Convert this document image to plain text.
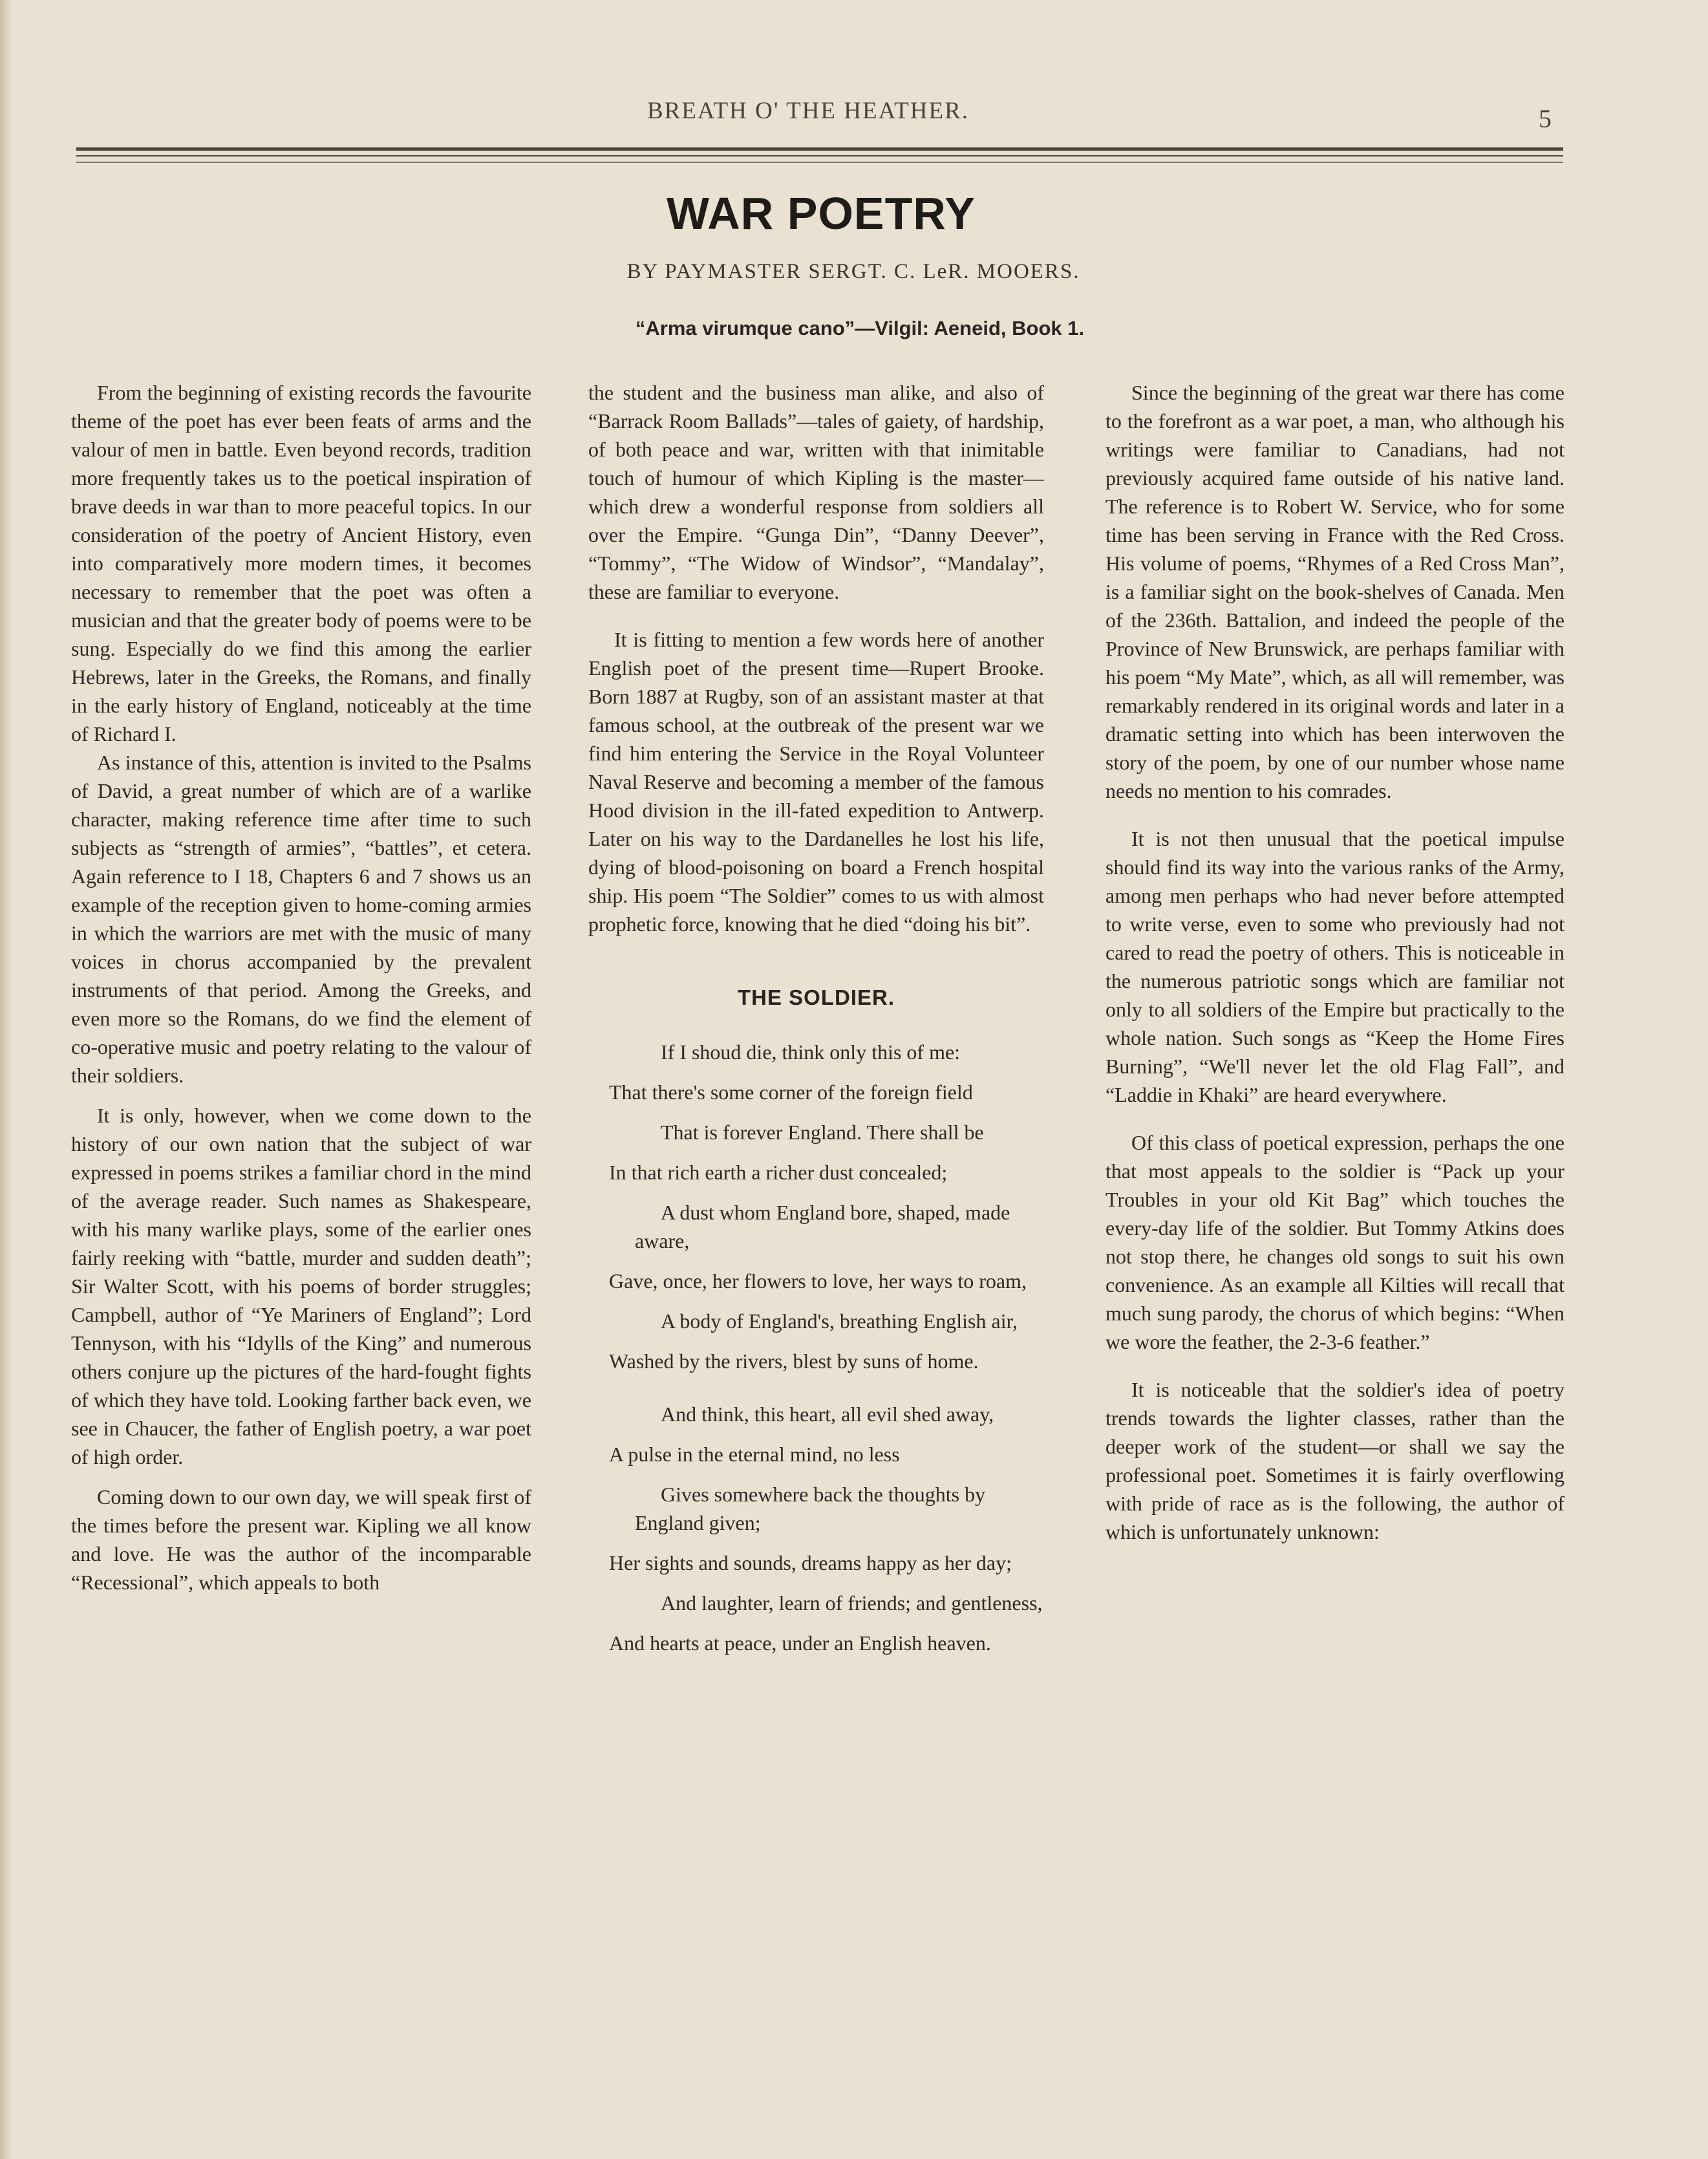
BREATH O' THE HEATHER.	5
WAR POETRY
BY PAYMASTER SERGT. C. LeR. MOOERS.
“Arma virumque cano”—Vilgil: Aeneid, Book 1.

From the beginning of existing records the favourite theme of the poet has ever been feats of arms and the valour of men in battle. Even beyond records, tradition more frequently takes us to the poetical inspiration of brave deeds in war than to more peaceful topics. In our consideration of the poetry of Ancient History, even into comparatively more modern times, it becomes necessary to remember that the poet was often a musician and that the greater body of poems were to be sung. Especially do we find this among the earlier Hebrews, later in the Greeks, the Romans, and finally in the early history of England, noticeably at the time of Richard I.

As instance of this, attention is invited to the Psalms of David, a great number of which are of a warlike character, making reference time after time to such subjects as “strength of armies”, “battles”, et cetera. Again reference to I 18, Chapters 6 and 7 shows us an example of the reception given to home-coming armies in which the warriors are met with the music of many voices in chorus accompanied by the prevalent instruments of that period. Among the Greeks, and even more so the Romans, do we find the element of co-operative music and poetry relating to the valour of their soldiers.

It is only, however, when we come down to the history of our own nation that the subject of war expressed in poems strikes a familiar chord in the mind of the average reader. Such names as Shakespeare, with his many warlike plays, some of the earlier ones fairly reeking with “battle, murder and sudden death”; Sir Walter Scott, with his poems of border struggles; Campbell, author of “Ye Mariners of England”; Lord Tennyson, with his “Idylls of the King” and numerous others conjure up the pictures of the hard-fought fights of which they have told. Looking farther back even, we see in Chaucer, the father of English poetry, a war poet of high order.

Coming down to our own day, we will speak first of the times before the present war. Kipling we all know and love. He was the author of the incomparable “Recessional”, which appeals to both

the student and the business man alike, and also of “Barrack Room Ballads”—tales of gaiety, of hardship, of both peace and war, written with that inimitable touch of humour of which Kipling is the master—which drew a wonderful response from soldiers all over the Empire. “Gunga Din”, “Danny Deever”, “Tommy”, “The Widow of Windsor”, “Mandalay”, these are familiar to everyone.

It is fitting to mention a few words here of another English poet of the present time—Rupert Brooke. Born 1887 at Rugby, son of an assistant master at that famous school, at the outbreak of the present war we find him entering the Service in the Royal Volunteer Naval Reserve and becoming a member of the famous Hood division in the ill-fated expedition to Antwerp. Later on his way to the Dardanelles he lost his life, dying of blood-poisoning on board a French hospital ship. His poem “The Soldier” comes to us with almost prophetic force, knowing that he died “doing his bit”.

THE SOLDIER.

If I shoud die, think only this of me:

That there's some corner of the foreign field

That is forever England. There shall be

In that rich earth a richer dust concealed;

A dust whom England bore, shaped, made aware,

Gave, once, her flowers to love, her ways to roam,

A body of England's, breathing English air,

Washed by the rivers, blest by suns of home.

And think, this heart, all evil shed away,

A pulse in the eternal mind, no less

Gives somewhere back the thoughts by England given;

Her sights and sounds, dreams happy as her day;

And laughter, learn of friends; and gentleness,

And hearts at peace, under an English heaven.

Since the beginning of the great war there has come to the forefront as a war poet, a man, who although his writings were familiar to Canadians, had not previously acquired fame outside of his native land. The reference is to Robert W. Service, who for some time has been serving in France with the Red Cross. His volume of poems, “Rhymes of a Red Cross Man”, is a familiar sight on the book-shelves of Canada. Men of the 236th. Battalion, and indeed the people of the Province of New Brunswick, are perhaps familiar with his poem “My Mate”, which, as all will remember, was remarkably rendered in its original words and later in a dramatic setting into which has been interwoven the story of the poem, by one of our number whose name needs no mention to his comrades.

It is not then unusual that the poetical impulse should find its way into the various ranks of the Army, among men perhaps who had never before attempted to write verse, even to some who previously had not cared to read the poetry of others. This is noticeable in the numerous patriotic songs which are familiar not only to all soldiers of the Empire but practically to the whole nation. Such songs as “Keep the Home Fires Burning”, “We'll never let the old Flag Fall”, and “Laddie in Khaki” are heard everywhere.

Of this class of poetical expression, perhaps the one that most appeals to the soldier is “Pack up your Troubles in your old Kit Bag” which touches the every-day life of the soldier. But Tommy Atkins does not stop there, he changes old songs to suit his own convenience. As an example all Kilties will recall that much sung parody, the chorus of which begins: “When we wore the feather, the 2-3-6 feather.”

It is noticeable that the soldier's idea of poetry trends towards the lighter classes, rather than the deeper work of the student—or shall we say the professional poet. Sometimes it is fairly overflowing with pride of race as is the following, the author of which is unfortunately unknown:
